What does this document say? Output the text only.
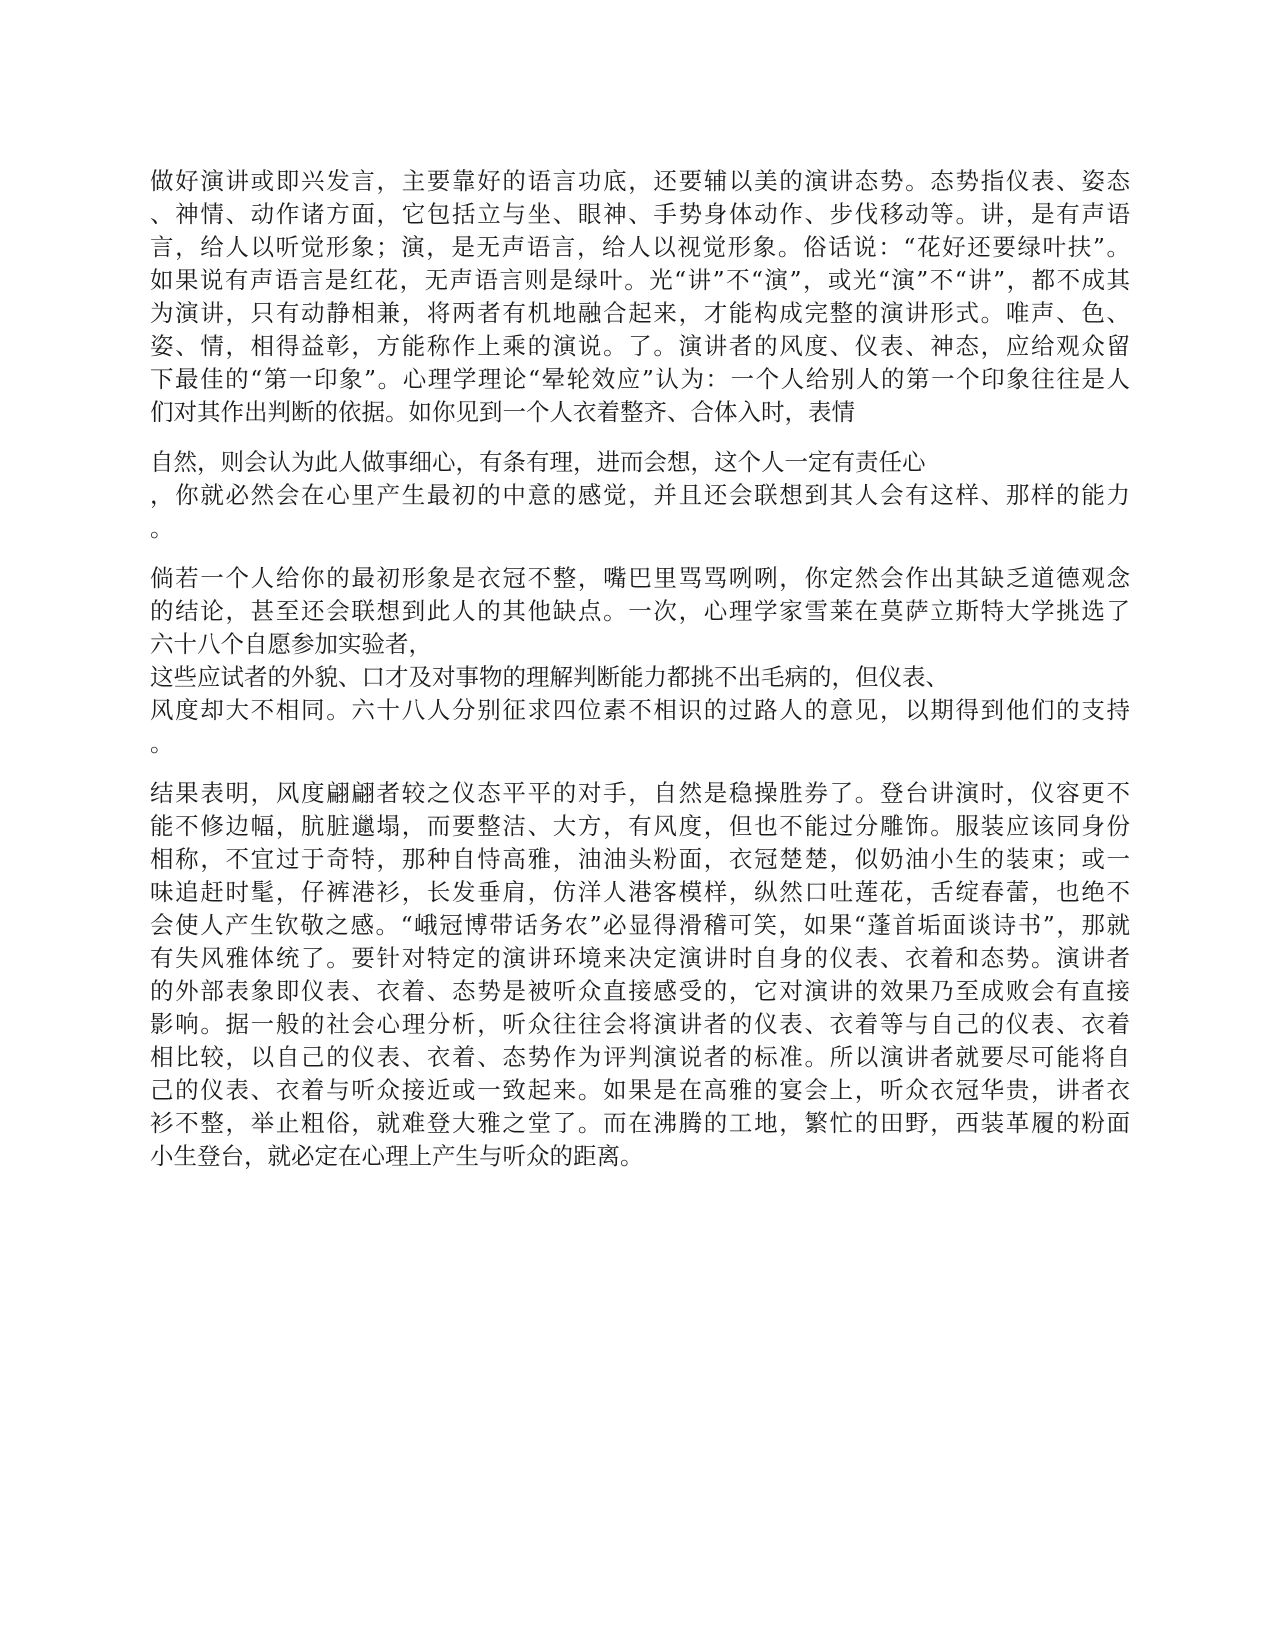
做好演讲或即兴发言，主要靠好的语言功底，还要辅以美的演讲态势。态势指仪表、姿态
、神情、动作诸方面，它包括立与坐、眼神、手势身体动作、步伐移动等。讲，是有声语
言，给人以听觉形象；演，是无声语言，给人以视觉形象。俗话说：“花好还要绿叶扶”。
如果说有声语言是红花，无声语言则是绿叶。光“讲”不“演”，或光“演”不“讲”，都不成其
为演讲，只有动静相兼，将两者有机地融合起来，才能构成完整的演讲形式。唯声、色、
姿、情，相得益彰，方能称作上乘的演说。了。演讲者的风度、仪表、神态，应给观众留
下最佳的“第一印象”。心理学理论“晕轮效应”认为：一个人给别人的第一个印象往往是人
们对其作出判断的依据。如你见到一个人衣着整齐、合体入时，表情
自然，则会认为此人做事细心，有条有理，进而会想，这个人一定有责任心
，你就必然会在心里产生最初的中意的感觉，并且还会联想到其人会有这样、那样的能力
。
倘若一个人给你的最初形象是衣冠不整，嘴巴里骂骂咧咧，你定然会作出其缺乏道德观念
的结论，甚至还会联想到此人的其他缺点。一次，心理学家雪莱在莫萨立斯特大学挑选了
六十八个自愿参加实验者，
这些应试者的外貌、口才及对事物的理解判断能力都挑不出毛病的，但仪表、
风度却大不相同。六十八人分别征求四位素不相识的过路人的意见，以期得到他们的支持
。
结果表明，风度翩翩者较之仪态平平的对手，自然是稳操胜券了。登台讲演时，仪容更不
能不修边幅，肮脏邋塌，而要整洁、大方，有风度，但也不能过分雕饰。服装应该同身份
相称，不宜过于奇特，那种自恃高雅，油油头粉面，衣冠楚楚，似奶油小生的装束；或一
味追赶时髦，仔裤港衫，长发垂肩，仿洋人港客模样，纵然口吐莲花，舌绽春蕾，也绝不
会使人产生钦敬之感。“峨冠博带话务农”必显得滑稽可笑，如果“蓬首垢面谈诗书”，那就
有失风雅体统了。要针对特定的演讲环境来决定演讲时自身的仪表、衣着和态势。演讲者
的外部表象即仪表、衣着、态势是被听众直接感受的，它对演讲的效果乃至成败会有直接
影响。据一般的社会心理分析，听众往往会将演讲者的仪表、衣着等与自己的仪表、衣着
相比较，以自己的仪表、衣着、态势作为评判演说者的标准。所以演讲者就要尽可能将自
己的仪表、衣着与听众接近或一致起来。如果是在高雅的宴会上，听众衣冠华贵，讲者衣
衫不整，举止粗俗，就难登大雅之堂了。而在沸腾的工地，繁忙的田野，西装革履的粉面
小生登台，就必定在心理上产生与听众的距离。
